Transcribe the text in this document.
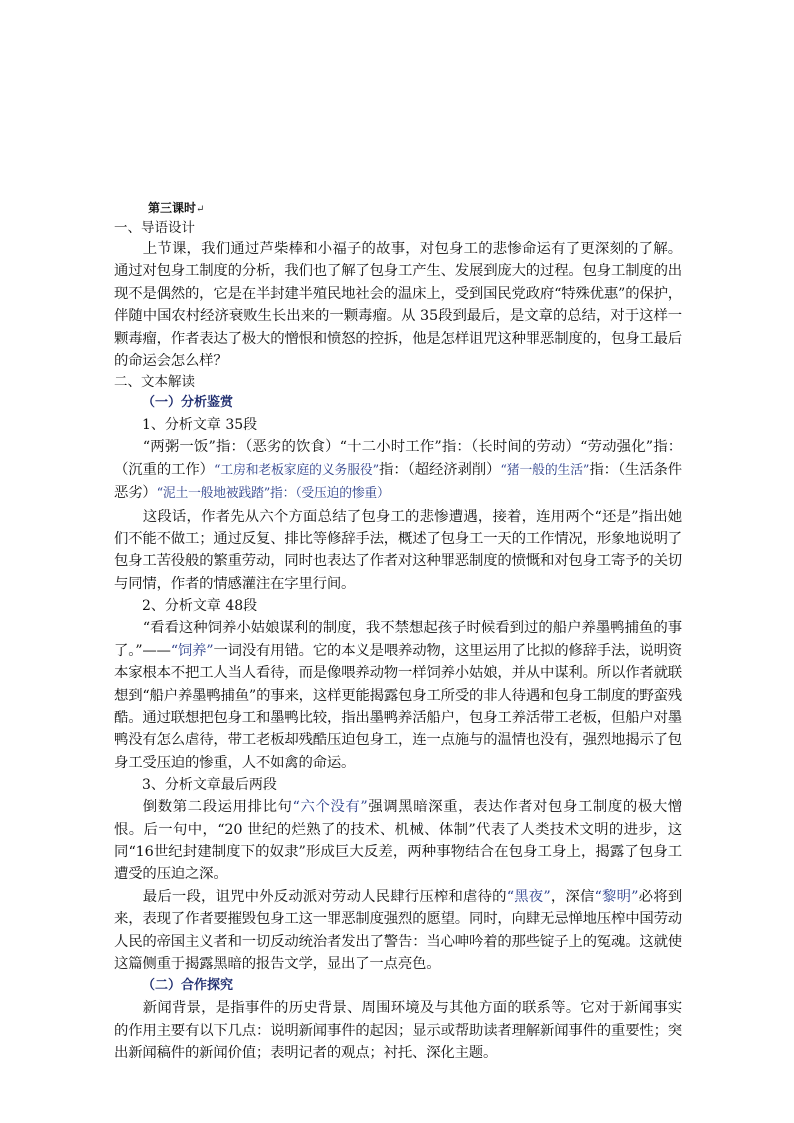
第三课时↵

一、导语设计

上节课，我们通过芦柴棒和小福子的故事，对包身工的悲惨命运有了更深刻的了解。通过对包身工制度的分析，我们也了解了包身工产生、发展到庞大的过程。包身工制度的出现不是偶然的，它是在半封建半殖民地社会的温床上，受到国民党政府“特殊优惠”的保护，伴随中国农村经济衰败生长出来的一颗毒瘤。从 35段到最后，是文章的总结，对于这样一颗毒瘤，作者表达了极大的憎恨和愤怒的控拆，他是怎样诅咒这种罪恶制度的，包身工最后的命运会怎么样？

二、文本解读

（一）分析鉴赏
1、分析文章 35段

“两粥一饭”指：（恶劣的饮食）“十二小时工作”指：（长时间的劳动）“劳动强化”指：（沉重的工作）“工房和老板家庭的义务服役”指：（超经济剥削）“猪一般的生活”指：（生活条件恶劣）“泥土一般地被践踏”指：（受压迫的惨重）

这段话，作者先从六个方面总结了包身工的悲惨遭遇，接着，连用两个“还是”指出她们不能不做工；通过反复、排比等修辞手法，概述了包身工一天的工作情况，形象地说明了包身工苦役般的繁重劳动，同时也表达了作者对这种罪恶制度的愤慨和对包身工寄予的关切与同情，作者的情感灌注在字里行间。

2、分析文章 48段

“看看这种饲养小姑娘谋利的制度，我不禁想起孩子时候看到过的船户养墨鸭捕鱼的事了。”——“饲养”一词没有用错。它的本义是喂养动物，这里运用了比拟的修辞手法，说明资本家根本不把工人当人看待，而是像喂养动物一样饲养小姑娘，并从中谋利。所以作者就联想到“船户养墨鸭捕鱼”的事来，这样更能揭露包身工所受的非人待遇和包身工制度的野蛮残酷。通过联想把包身工和墨鸭比较，指出墨鸭养活船户，包身工养活带工老板，但船户对墨鸭没有怎么虐待，带工老板却残酷压迫包身工，连一点施与的温情也没有，强烈地揭示了包身工受压迫的惨重，人不如禽的命运。

3、分析文章最后两段

倒数第二段运用排比句“六个没有”强调黑暗深重，表达作者对包身工制度的极大憎恨。后一句中，“20 世纪的烂熟了的技术、机械、体制”代表了人类技术文明的进步，这同“16世纪封建制度下的奴隶”形成巨大反差，两种事物结合在包身工身上，揭露了包身工遭受的压迫之深。

最后一段，诅咒中外反动派对劳动人民肆行压榨和虐待的“黑夜”，深信“黎明”必将到来，表现了作者要摧毁包身工这一罪恶制度强烈的愿望。同时，向肆无忌惮地压榨中国劳动人民的帝国主义者和一切反动统治者发出了警告：当心呻吟着的那些锭子上的冤魂。这就使这篇侧重于揭露黑暗的报告文学，显出了一点亮色。

（二）合作探究

新闻背景，是指事件的历史背景、周围环境及与其他方面的联系等。它对于新闻事实的作用主要有以下几点：说明新闻事件的起因；显示或帮助读者理解新闻事件的重要性；突出新闻稿件的新闻价值；表明记者的观点；衬托、深化主题。
